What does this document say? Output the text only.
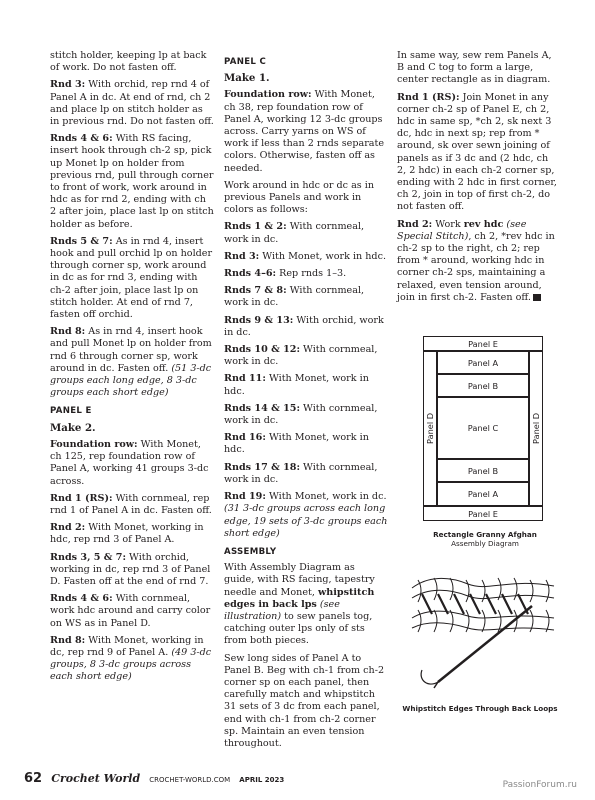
stitch holder, keeping lp at back of work. Do not fasten off.

Rnd 3: With orchid, rep rnd 4 of Panel A in dc. At end of rnd, ch 2 and place lp on stitch holder as in previous rnd. Do not fasten off.

Rnds 4 & 6: With RS facing, insert hook through ch-2 sp, pick up Monet lp on holder from previous rnd, pull through corner to front of work, work around in hdc as for rnd 2, ending with ch 2 after join, place last lp on stitch holder as before.

Rnds 5 & 7: As in rnd 4, insert hook and pull orchid lp on holder through corner sp, work around in dc as for rnd 3, ending with ch-2 after join, place last lp on stitch holder. At end of rnd 7, fasten off orchid.

Rnd 8: As in rnd 4, insert hook and pull Monet lp on holder from rnd 6 through corner sp, work around in dc. Fasten off. (51 3-dc groups each long edge, 8 3-dc groups each short edge)

PANEL E
Make 2.

Foundation row: With Monet, ch 125, rep foundation row of Panel A, working 41 groups 3-dc across.

Rnd 1 (RS): With cornmeal, rep rnd 1 of Panel A in dc. Fasten off.

Rnd 2: With Monet, working in hdc, rep rnd 3 of Panel A.

Rnds 3, 5 & 7: With orchid, working in dc, rep rnd 3 of Panel D. Fasten off at the end of rnd 7.

Rnds 4 & 6: With cornmeal, work hdc around and carry color on WS as in Panel D.

Rnd 8: With Monet, working in dc, rep rnd 9 of Panel A. (49 3-dc groups, 8 3-dc groups across each short edge)

PANEL C
Make 1.

Foundation row: With Monet, ch 38, rep foundation row of Panel A, working 12 3-dc groups across. Carry yarns on WS of work if less than 2 rnds separate colors. Otherwise, fasten off as needed.

Work around in hdc or dc as in previous Panels and work in colors as follows:

Rnds 1 & 2: With cornmeal, work in dc.

Rnd 3: With Monet, work in hdc.

Rnds 4–6: Rep rnds 1–3.

Rnds 7 & 8: With cornmeal, work in dc.

Rnds 9 & 13: With orchid, work in dc.

Rnds 10 & 12: With cornmeal, work in dc.

Rnd 11: With Monet, work in hdc.

Rnds 14 & 15: With cornmeal, work in dc.

Rnd 16: With Monet, work in hdc.

Rnds 17 & 18: With cornmeal, work in dc.

Rnd 19: With Monet, work in dc. (31 3-dc groups across each long edge, 19 sets of 3-dc groups each short edge)

ASSEMBLY

With Assembly Diagram as guide, with RS facing, tapestry needle and Monet, whipstitch edges in back lps (see illustration) to sew panels tog, catching outer lps only of sts from both pieces.

Sew long sides of Panel A to Panel B. Beg with ch-1 from ch-2 corner sp on each panel, then carefully match and whipstitch 31 sets of 3 dc from each panel, end with ch-1 from ch-2 corner sp. Maintain an even tension throughout.

In same way, sew rem Panels A, B and C tog to form a large, center rectangle as in diagram.

Rnd 1 (RS): Join Monet in any corner ch-2 sp of Panel E, ch 2, hdc in same sp, *ch 2, sk next 3 dc, hdc in next sp; rep from * around, sk over sewn joining of panels as if 3 dc and (2 hdc, ch 2, 2 hdc) in each ch-2 corner sp, ending with 2 hdc in first corner, ch 2, join in top of first ch-2, do not fasten off.

Rnd 2: Work rev hdc (see Special Stitch), ch 2, *rev hdc in ch-2 sp to the right, ch 2; rep from * around, working hdc in corner ch-2 sps, maintaining a relaxed, even tension around, join in first ch-2. Fasten off.

Panel E
Panel D	Panel D
Panel A
Panel B
Panel C
Panel B
Panel A
Panel E
Rectangle Granny Afghan
Assembly Diagram
Whipstitch Edges Through Back Loops
62 Crochet World CROCHET-WORLD.COM APRIL 2023	PassionForum.ru
